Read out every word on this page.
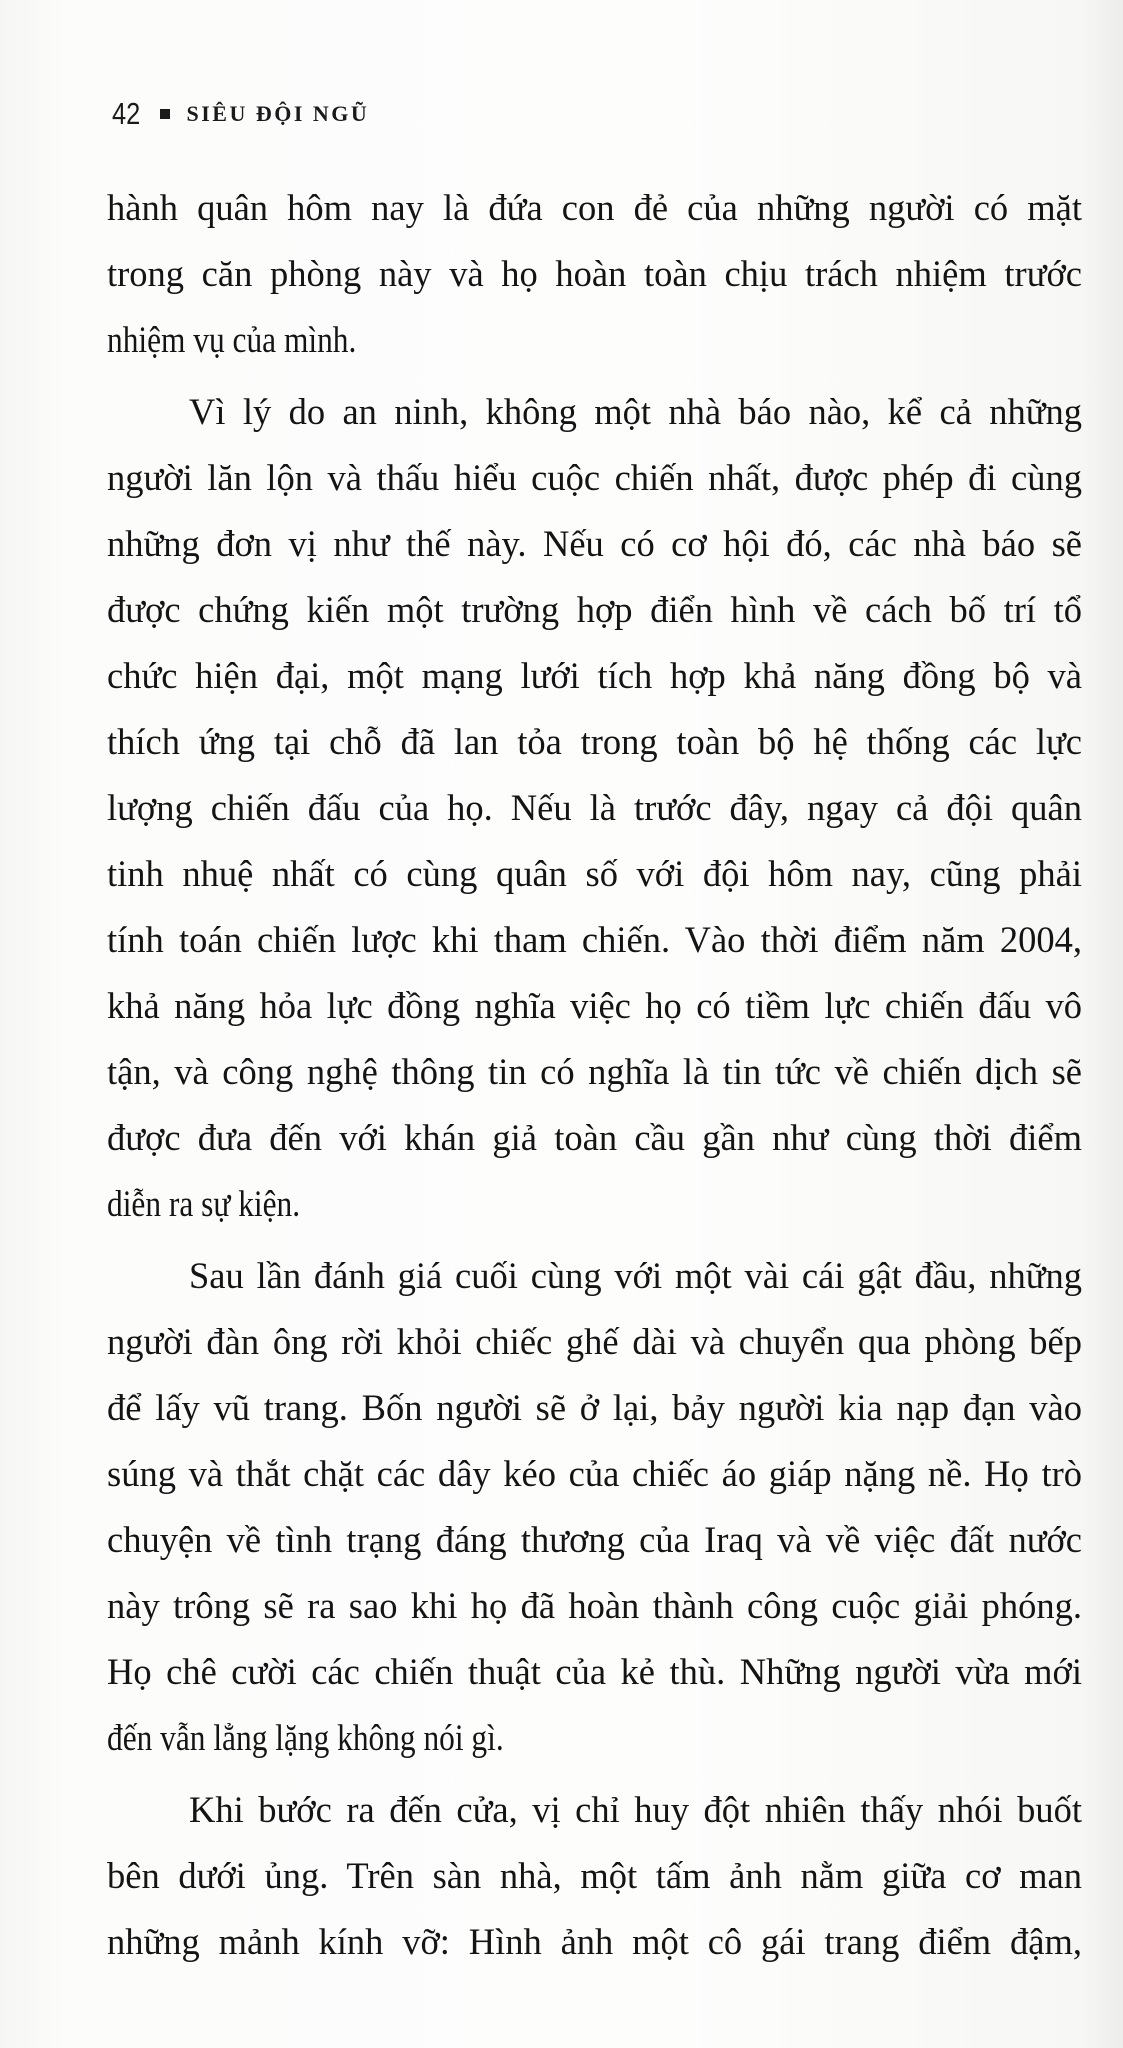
42 SIÊU ĐỘI NGŨ
hành quân hôm nay là đứa con đẻ của những người có mặt
trong căn phòng này và họ hoàn toàn chịu trách nhiệm trước
nhiệm vụ của mình.
Vì lý do an ninh, không một nhà báo nào, kể cả những
người lăn lộn và thấu hiểu cuộc chiến nhất, được phép đi cùng
những đơn vị như thế này. Nếu có cơ hội đó, các nhà báo sẽ
được chứng kiến một trường hợp điển hình về cách bố trí tổ
chức hiện đại, một mạng lưới tích hợp khả năng đồng bộ và
thích ứng tại chỗ đã lan tỏa trong toàn bộ hệ thống các lực
lượng chiến đấu của họ. Nếu là trước đây, ngay cả đội quân
tinh nhuệ nhất có cùng quân số với đội hôm nay, cũng phải
tính toán chiến lược khi tham chiến. Vào thời điểm năm 2004,
khả năng hỏa lực đồng nghĩa việc họ có tiềm lực chiến đấu vô
tận, và công nghệ thông tin có nghĩa là tin tức về chiến dịch sẽ
được đưa đến với khán giả toàn cầu gần như cùng thời điểm
diễn ra sự kiện.
Sau lần đánh giá cuối cùng với một vài cái gật đầu, những
người đàn ông rời khỏi chiếc ghế dài và chuyển qua phòng bếp
để lấy vũ trang. Bốn người sẽ ở lại, bảy người kia nạp đạn vào
súng và thắt chặt các dây kéo của chiếc áo giáp nặng nề. Họ trò
chuyện về tình trạng đáng thương của Iraq và về việc đất nước
này trông sẽ ra sao khi họ đã hoàn thành công cuộc giải phóng.
Họ chê cười các chiến thuật của kẻ thù. Những người vừa mới
đến vẫn lẳng lặng không nói gì.
Khi bước ra đến cửa, vị chỉ huy đột nhiên thấy nhói buốt
bên dưới ủng. Trên sàn nhà, một tấm ảnh nằm giữa cơ man
những mảnh kính vỡ: Hình ảnh một cô gái trang điểm đậm,
